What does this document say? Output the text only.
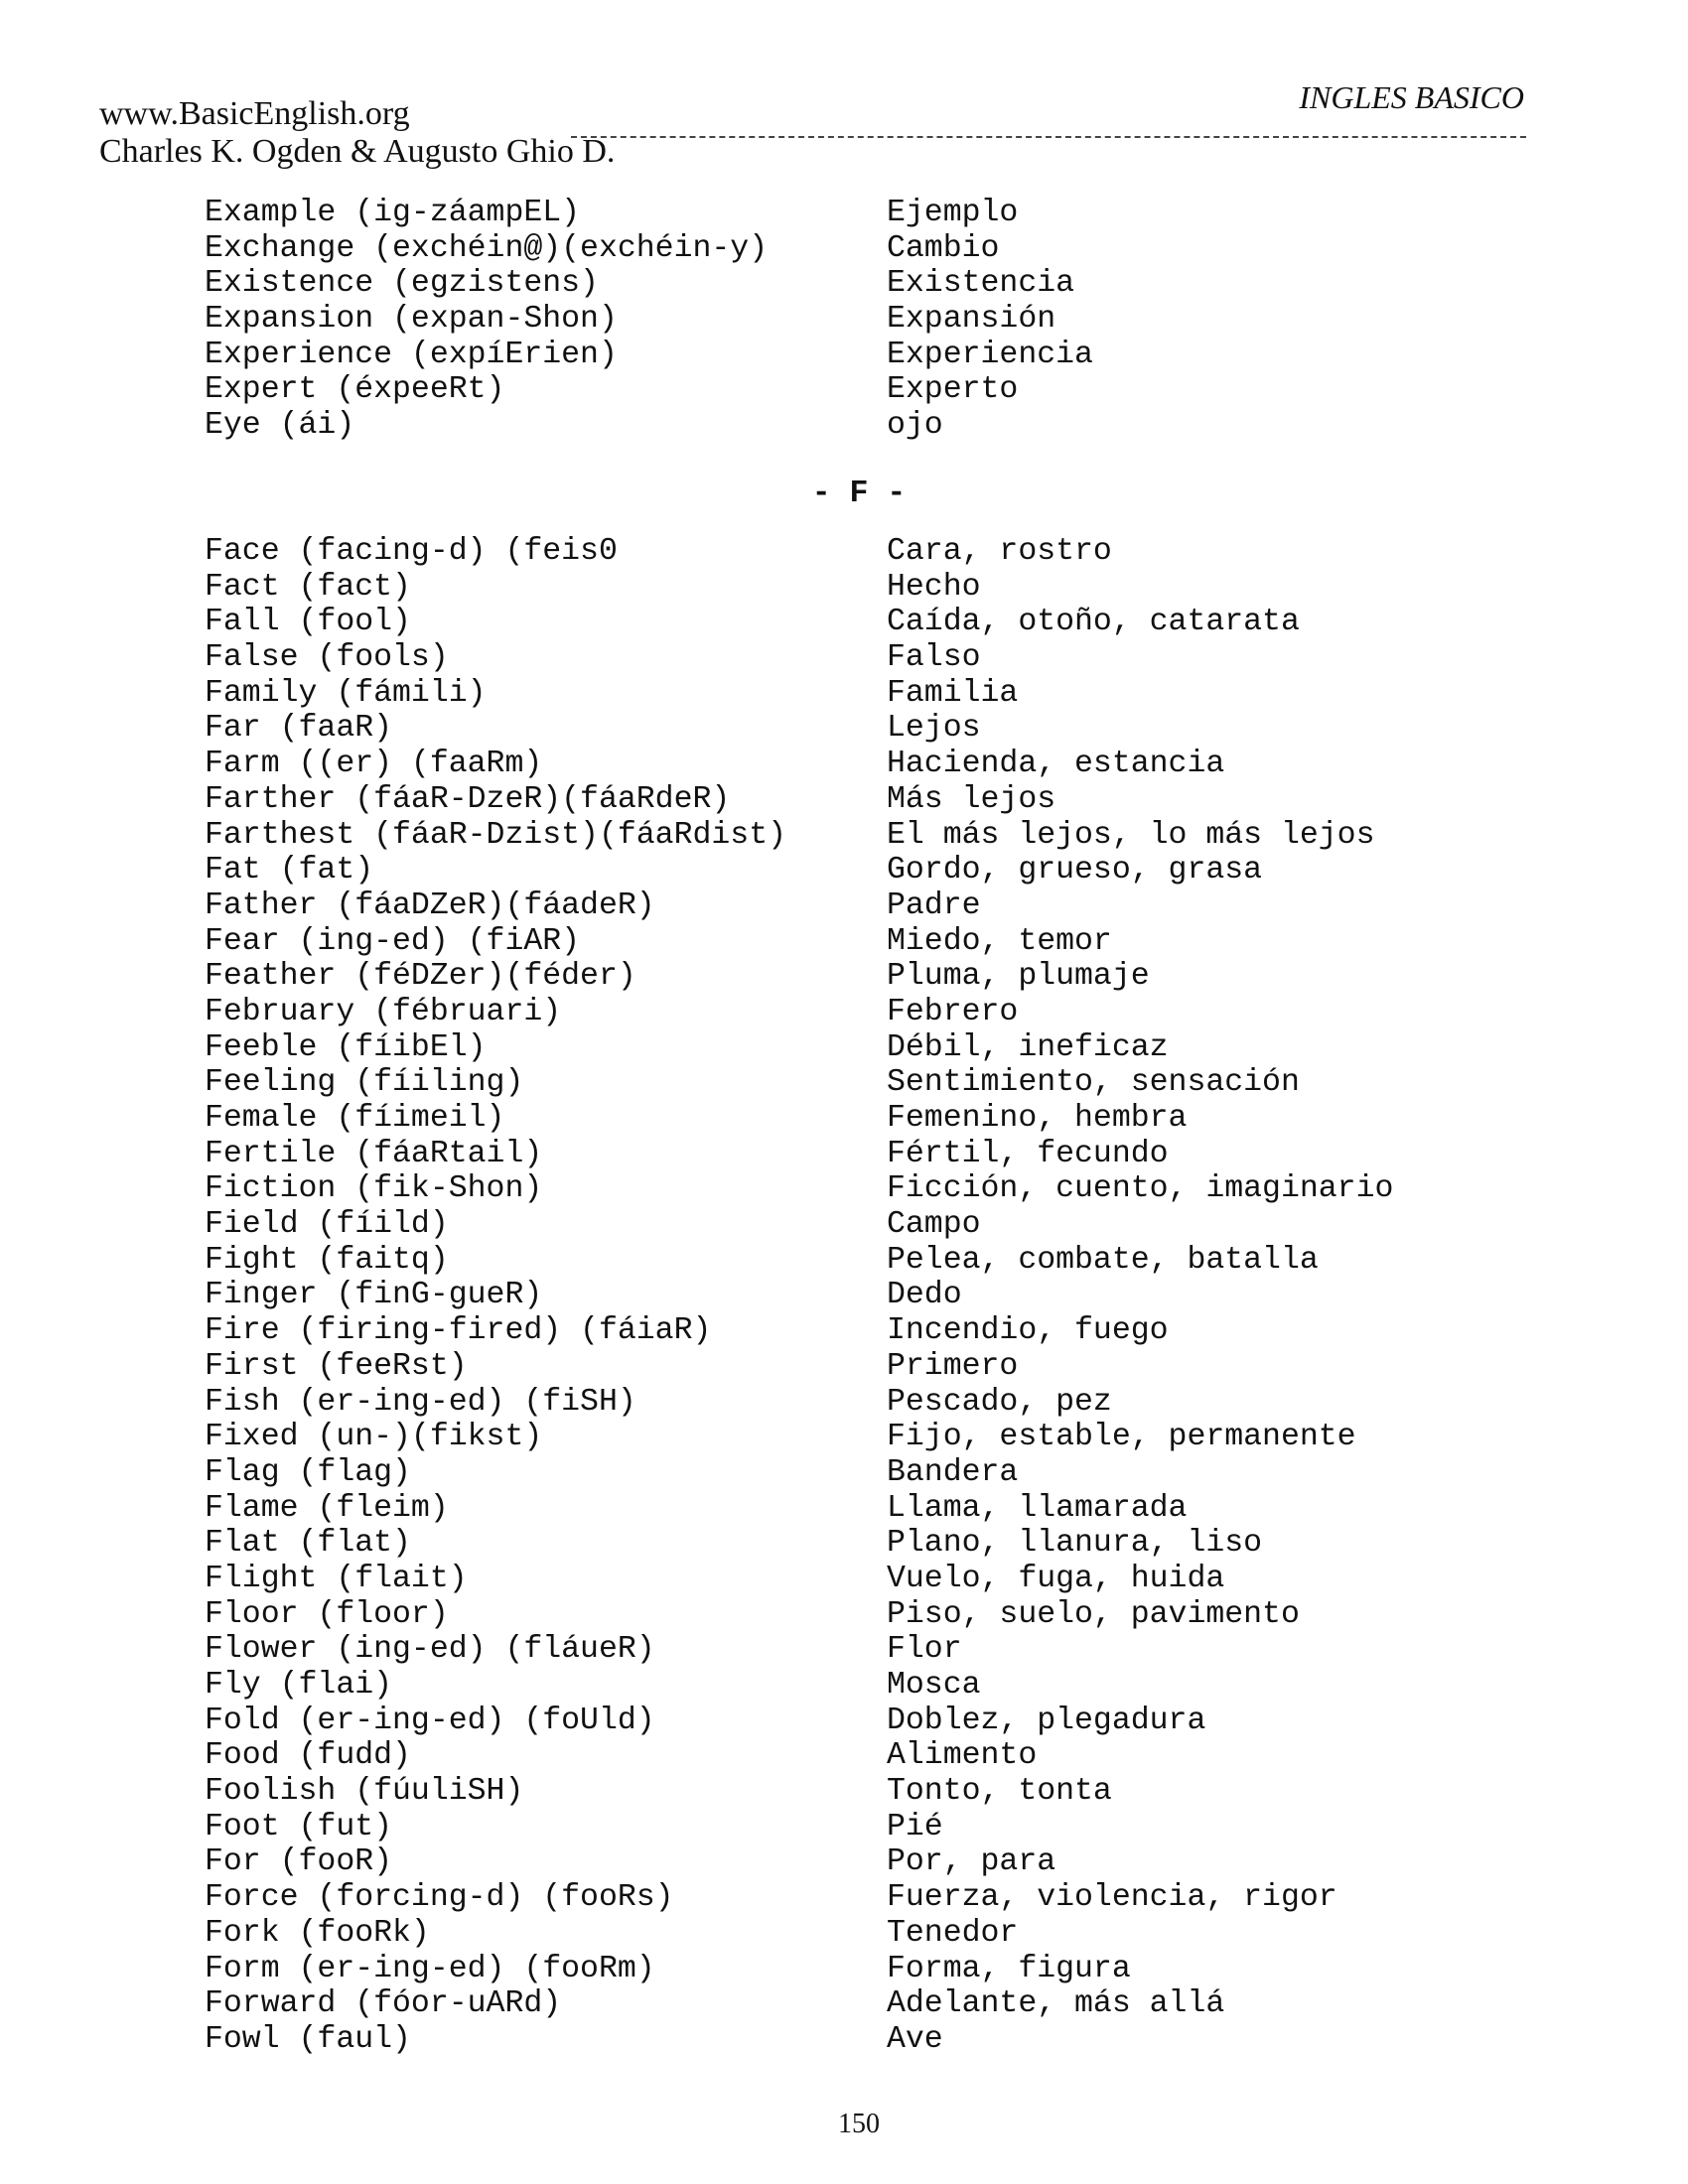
www.BasicEnglish.org
Charles K. Ogden & Augusto Ghio D.
INGLES BASICO
Example (ig-záampEL)	Ejemplo
Exchange (exchéin@)(exchéin-y)	Cambio
Existence (egzistens)	Existencia
Expansion (expan-Shon)	Expansión
Experience (expíErien)	Experiencia
Expert (éxpeeRt)	Experto
Eye (ái)	ojo
- F -
Face (facing-d) (feis0	Cara, rostro
Fact (fact)	Hecho
Fall (fool)	Caída, otoño, catarata
False (fools)	Falso
Family (fámili)	Familia
Far (faaR)	Lejos
Farm ((er) (faaRm)	Hacienda, estancia
Farther (fáaR-DzeR)(fáaRdeR)	Más lejos
Farthest (fáaR-Dzist)(fáaRdist)	El más lejos, lo más lejos
Fat (fat)	Gordo, grueso, grasa
Father (fáaDZeR)(fáadeR)	Padre
Fear (ing-ed) (fiAR)	Miedo, temor
Feather (féDZer)(féder)	Pluma, plumaje
February (fébruari)	Febrero
Feeble (fíibEl)	Débil, ineficaz
Feeling (fíiling)	Sentimiento, sensación
Female (fíimeil)	Femenino, hembra
Fertile (fáaRtail)	Fértil, fecundo
Fiction (fik-Shon)	Ficción, cuento, imaginario
Field (fíild)	Campo
Fight (faitq)	Pelea, combate, batalla
Finger (finG-gueR)	Dedo
Fire (firing-fired) (fáiaR)	Incendio, fuego
First (feeRst)	Primero
Fish (er-ing-ed) (fiSH)	Pescado, pez
Fixed (un-)(fikst)	Fijo, estable, permanente
Flag (flag)	Bandera
Flame (fleim)	Llama, llamarada
Flat (flat)	Plano, llanura, liso
Flight (flait)	Vuelo, fuga, huida
Floor (floor)	Piso, suelo, pavimento
Flower (ing-ed) (fláueR)	Flor
Fly (flai)	Mosca
Fold (er-ing-ed) (foUld)	Doblez, plegadura
Food (fudd)	Alimento
Foolish (fúuliSH)	Tonto, tonta
Foot (fut)	Pié
For (fooR)	Por, para
Force (forcing-d) (fooRs)	Fuerza, violencia, rigor
Fork (fooRk)	Tenedor
Form (er-ing-ed) (fooRm)	Forma, figura
Forward (fóor-uARd)	Adelante, más allá
Fowl (faul)	Ave
150
